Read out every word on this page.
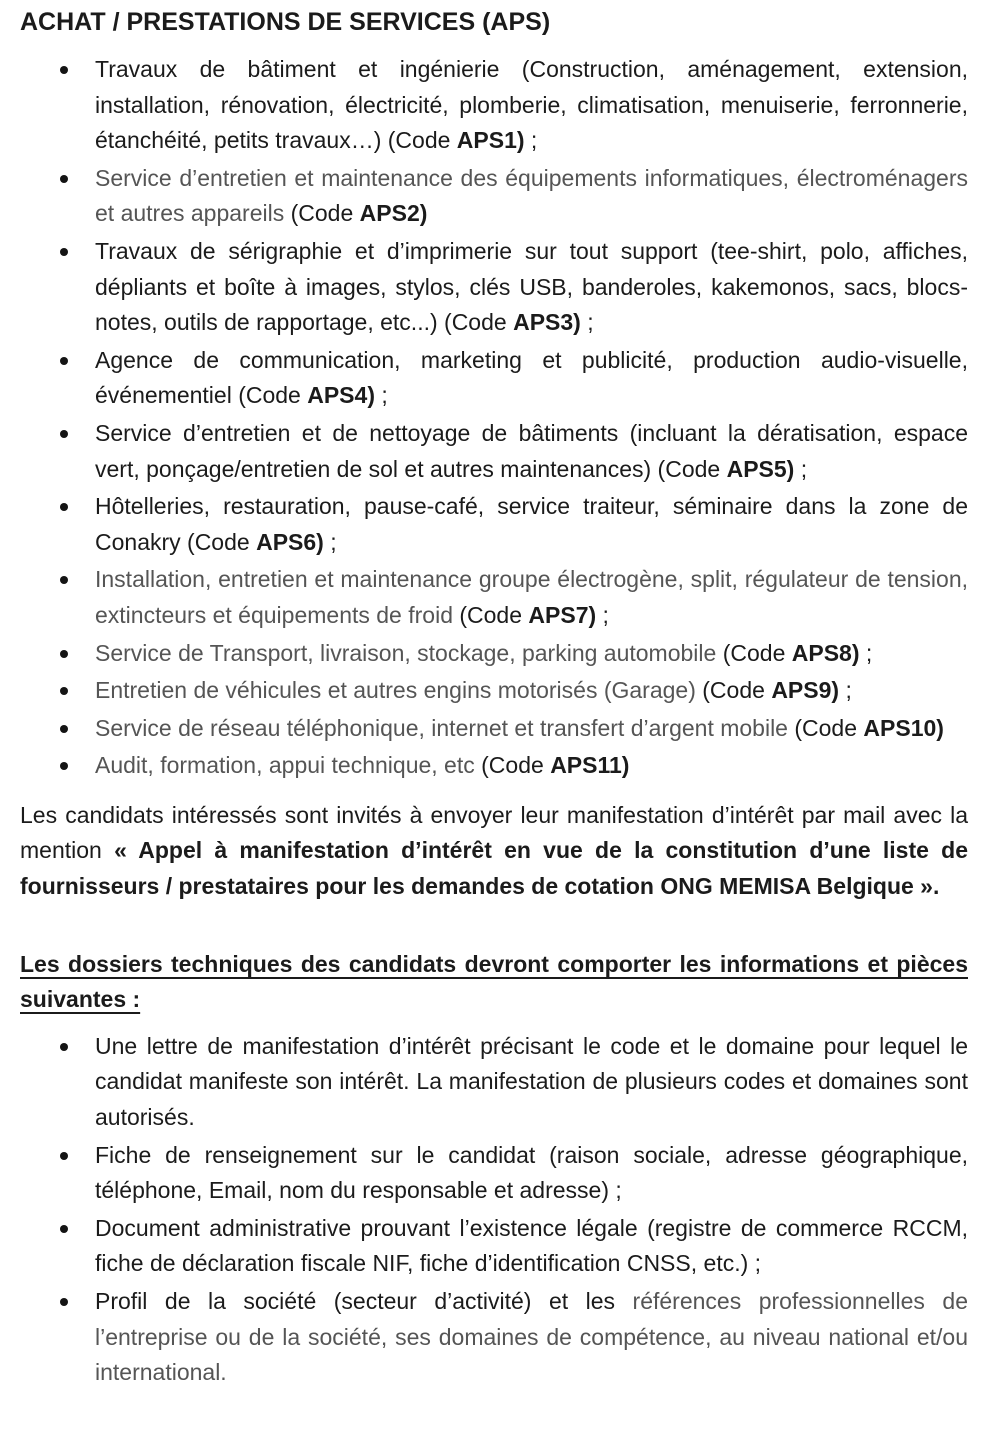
ACHAT / PRESTATIONS DE SERVICES (APS)
Travaux de bâtiment et ingénierie (Construction, aménagement, extension, installation, rénovation, électricité, plomberie, climatisation, menuiserie, ferronnerie, étanchéité, petits travaux…) (Code APS1) ;
Service d’entretien et maintenance des équipements informatiques, électroménagers et autres appareils (Code APS2)
Travaux de sérigraphie et d’imprimerie sur tout support (tee-shirt, polo, affiches, dépliants et boîte à images, stylos, clés USB, banderoles, kakemonos, sacs, blocs-notes, outils de rapportage, etc...) (Code APS3) ;
Agence de communication, marketing et publicité, production audio-visuelle, événementiel (Code APS4) ;
Service d’entretien et de nettoyage de bâtiments (incluant la dératisation, espace vert, ponçage/entretien de sol et autres maintenances) (Code APS5) ;
Hôtelleries, restauration, pause-café, service traiteur, séminaire dans la zone de Conakry (Code APS6) ;
Installation, entretien et maintenance groupe électrogène, split, régulateur de tension, extincteurs et équipements de froid (Code APS7) ;
Service de Transport, livraison, stockage, parking automobile (Code APS8) ;
Entretien de véhicules et autres engins motorisés (Garage) (Code APS9) ;
Service de réseau téléphonique, internet et transfert d’argent mobile (Code APS10)
Audit, formation, appui technique, etc (Code APS11)

Les candidats intéressés sont invités à envoyer leur manifestation d’intérêt par mail avec la mention « Appel à manifestation d’intérêt en vue de la constitution d’une liste de fournisseurs / prestataires pour les demandes de cotation ONG MEMISA Belgique ».

Les dossiers techniques des candidats devront comporter les informations et pièces suivantes :
Une lettre de manifestation d’intérêt précisant le code et le domaine pour lequel le candidat manifeste son intérêt. La manifestation de plusieurs codes et domaines sont autorisés.
Fiche de renseignement sur le candidat (raison sociale, adresse géographique, téléphone, Email, nom du responsable et adresse) ;
Document administrative prouvant l’existence légale (registre de commerce RCCM, fiche de déclaration fiscale NIF, fiche d’identification CNSS, etc.) ;
Profil de la société (secteur d’activité) et les références professionnelles de l’entreprise ou de la société, ses domaines de compétence, au niveau national et/ou international.
